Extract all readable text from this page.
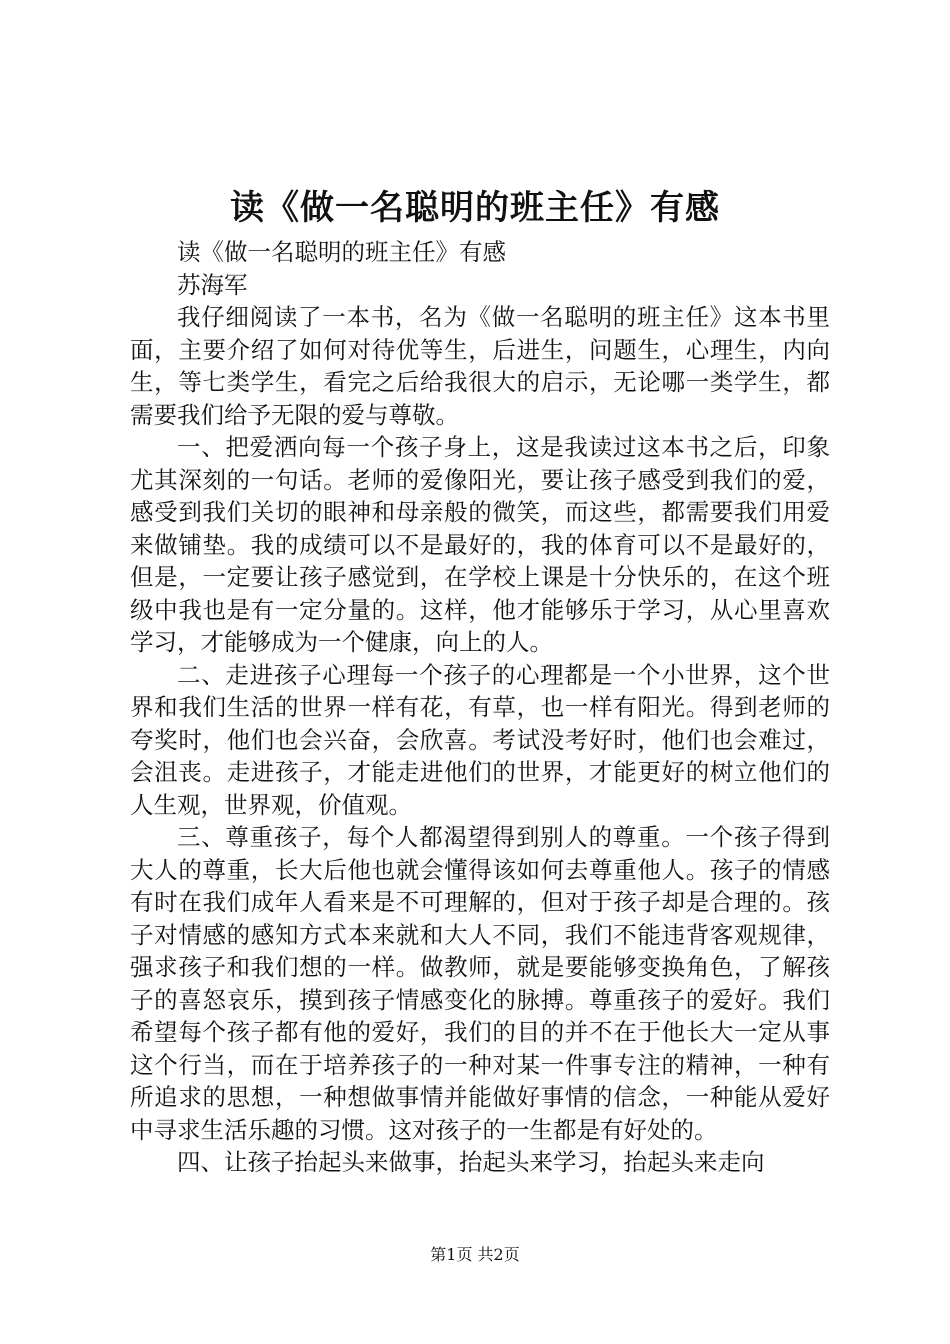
读《做一名聪明的班主任》有感

读《做一名聪明的班主任》有感

苏海军

我仔细阅读了一本书，名为《做一名聪明的班主任》这本书里面，主要介绍了如何对待优等生，后进生，问题生，心理生，内向生，等七类学生，看完之后给我很大的启示，无论哪一类学生，都需要我们给予无限的爱与尊敬。

一、把爱洒向每一个孩子身上，这是我读过这本书之后，印象尤其深刻的一句话。老师的爱像阳光，要让孩子感受到我们的爱，感受到我们关切的眼神和母亲般的微笑，而这些，都需要我们用爱来做铺垫。我的成绩可以不是最好的，我的体育可以不是最好的，但是，一定要让孩子感觉到，在学校上课是十分快乐的，在这个班级中我也是有一定分量的。这样，他才能够乐于学习，从心里喜欢学习，才能够成为一个健康，向上的人。

二、走进孩子心理每一个孩子的心理都是一个小世界，这个世界和我们生活的世界一样有花，有草，也一样有阳光。得到老师的夸奖时，他们也会兴奋，会欣喜。考试没考好时，他们也会难过，会沮丧。走进孩子，才能走进他们的世界，才能更好的树立他们的人生观，世界观，价值观。

三、尊重孩子，每个人都渴望得到别人的尊重。一个孩子得到大人的尊重，长大后他也就会懂得该如何去尊重他人。孩子的情感有时在我们成年人看来是不可理解的，但对于孩子却是合理的。孩子对情感的感知方式本来就和大人不同，我们不能违背客观规律，强求孩子和我们想的一样。做教师，就是要能够变换角色，了解孩子的喜怒哀乐，摸到孩子情感变化的脉搏。尊重孩子的爱好。我们希望每个孩子都有他的爱好，我们的目的并不在于他长大一定从事这个行当，而在于培养孩子的一种对某一件事专注的精神，一种有所追求的思想，一种想做事情并能做好事情的信念，一种能从爱好中寻求生活乐趣的习惯。这对孩子的一生都是有好处的。

四、让孩子抬起头来做事，抬起头来学习，抬起头来走向

第1页 共2页
